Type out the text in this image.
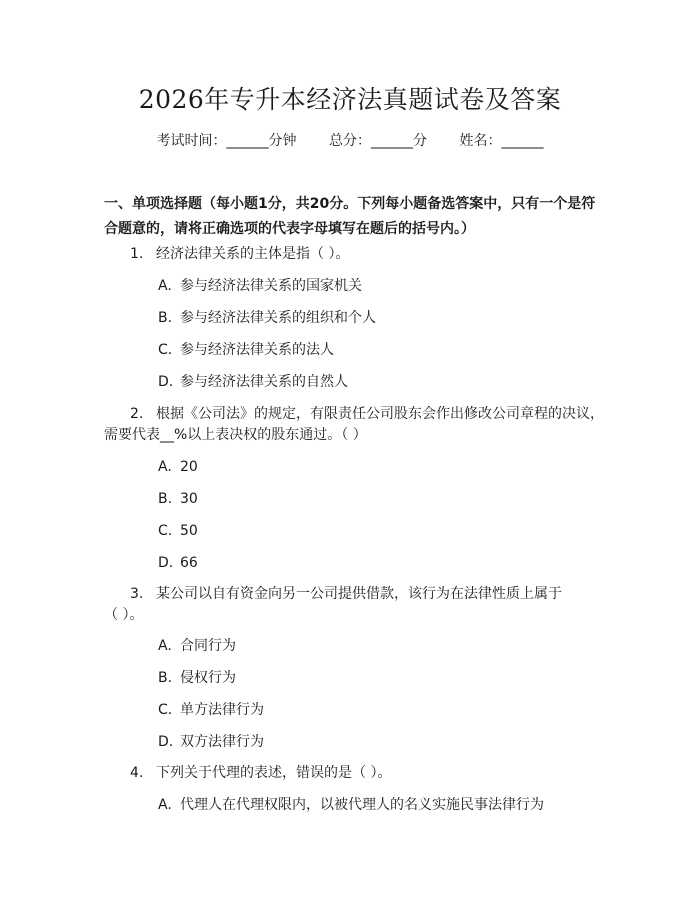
2026年专升本经济法真题试卷及答案
考试时间：______分钟 总分：______分 姓名：______
一、单项选择题（每小题1分，共20分。下列每小题备选答案中，只有一个是符
合题意的，请将正确选项的代表字母填写在题后的括号内。）
1. 经济法律关系的主体是指（ ）。
A. 参与经济法律关系的国家机关
B. 参与经济法律关系的组织和个人
C. 参与经济法律关系的法人
D. 参与经济法律关系的自然人
2. 根据《公司法》的规定，有限责任公司股东会作出修改公司章程的决议，
需要代表__%以上表决权的股东通过。（ ）
A. 20
B. 30
C. 50
D. 66
3. 某公司以自有资金向另一公司提供借款，该行为在法律性质上属于
（ ）。
A. 合同行为
B. 侵权行为
C. 单方法律行为
D. 双方法律行为
4. 下列关于代理的表述，错误的是（ ）。
A. 代理人在代理权限内，以被代理人的名义实施民事法律行为
